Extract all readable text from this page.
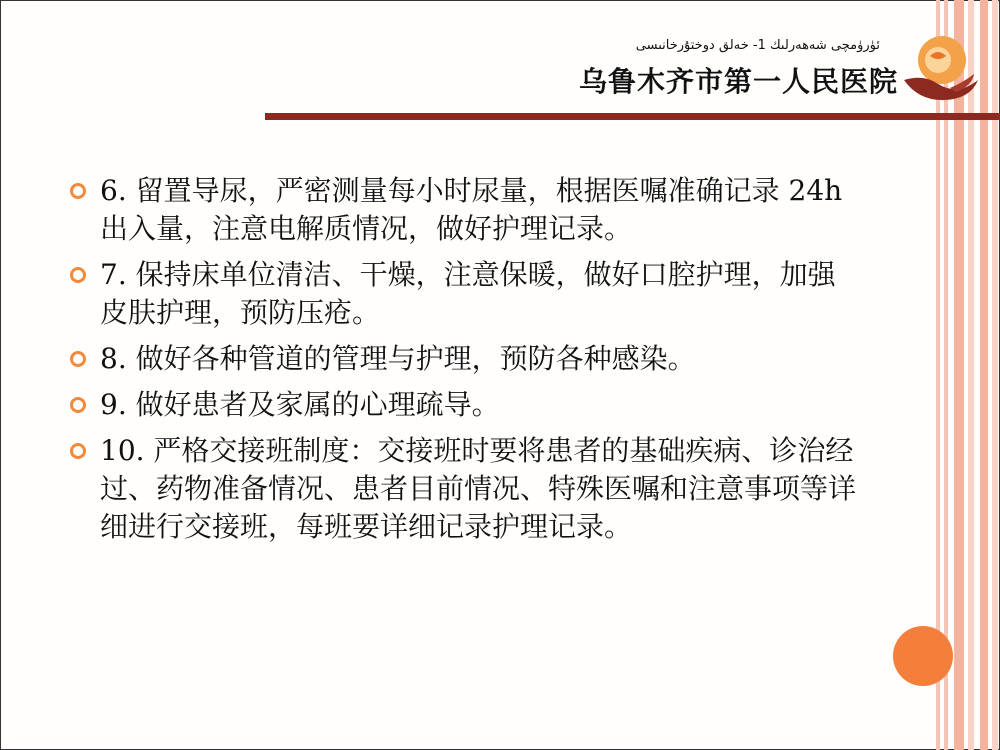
ئۈرۈمچى شەھەرلىك 1- خەلق دوختۇرخانىسى
乌鲁木齐市第一人民医院
6. 留置导尿，严密测量每小时尿量，根据医嘱准确记录 24h 出入量，注意电解质情况，做好护理记录。
7. 保持床单位清洁、干燥，注意保暖，做好口腔护理，加强皮肤护理，预防压疮。
8. 做好各种管道的管理与护理，预防各种感染。
9. 做好患者及家属的心理疏导。
10. 严格交接班制度：交接班时要将患者的基础疾病、诊治经过、药物准备情况、患者目前情况、特殊医嘱和注意事项等详细进行交接班，每班要详细记录护理记录。
